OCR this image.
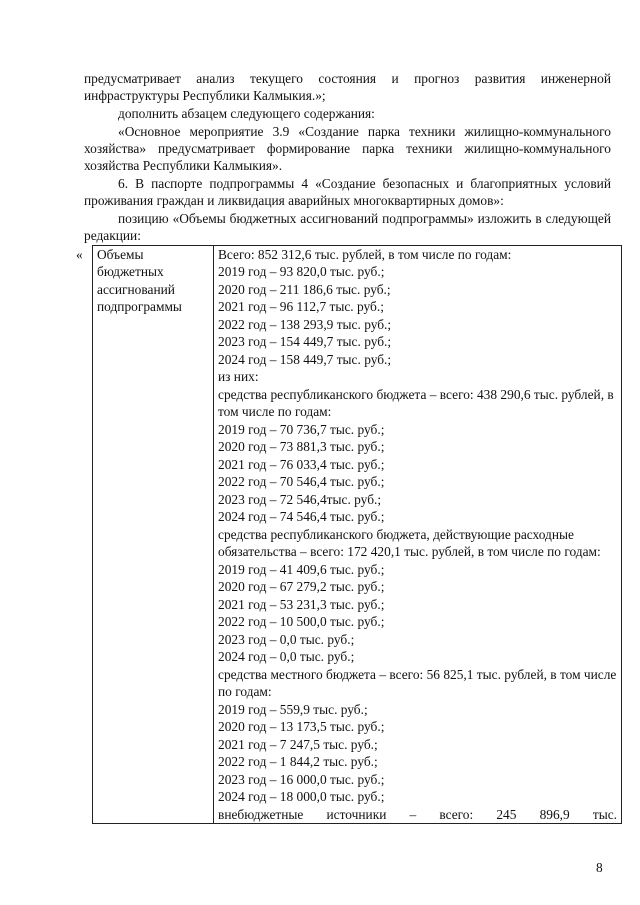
предусматривает анализ текущего состояния и прогноз развития инженерной инфраструктуры Республики Калмыкия.»;
дополнить абзацем следующего содержания:
«Основное мероприятие 3.9 «Создание парка техники жилищно-коммунального хозяйства» предусматривает формирование парка техники жилищно-коммунального хозяйства Республики Калмыкия».
6. В паспорте подпрограммы 4 «Создание безопасных и благоприятных условий проживания граждан и ликвидация аварийных многоквартирных домов»:
позицию «Объемы бюджетных ассигнований подпрограммы» изложить в следующей редакции:
« Объемы
бюджетных
ассигнований
подпрограммы

Всего: 852 312,6 тыс. рублей, в том числе по годам:
2019 год – 93 820,0 тыс. руб.;
2020 год – 211 186,6 тыс. руб.;
2021 год – 96 112,7 тыс. руб.;
2022 год – 138 293,9 тыс. руб.;
2023 год – 154 449,7 тыс. руб.;
2024 год – 158 449,7 тыс. руб.;
из них:
средства республиканского бюджета – всего: 438 290,6 тыс. рублей, в том числе по годам:
2019 год – 70 736,7 тыс. руб.;
2020 год – 73 881,3 тыс. руб.;
2021 год – 76 033,4 тыс. руб.;
2022 год – 70 546,4 тыс. руб.;
2023 год – 72 546,4тыс. руб.;
2024 год – 74 546,4 тыс. руб.;
средства республиканского бюджета, действующие расходные обязательства – всего: 172 420,1 тыс. рублей, в том числе по годам:
2019 год – 41 409,6 тыс. руб.;
2020 год – 67 279,2 тыс. руб.;
2021 год – 53 231,3 тыс. руб.;
2022 год – 10 500,0 тыс. руб.;
2023 год – 0,0 тыс. руб.;
2024 год – 0,0 тыс. руб.;
средства местного бюджета – всего: 56 825,1 тыс. рублей, в том числе по годам:
2019 год – 559,9 тыс. руб.;
2020 год – 13 173,5 тыс. руб.;
2021 год – 7 247,5 тыс. руб.;
2022 год – 1 844,2 тыс. руб.;
2023 год – 16 000,0 тыс. руб.;
2024 год – 18 000,0 тыс. руб.;
внебюджетные источники – всего: 245 896,9 тыс.
8
